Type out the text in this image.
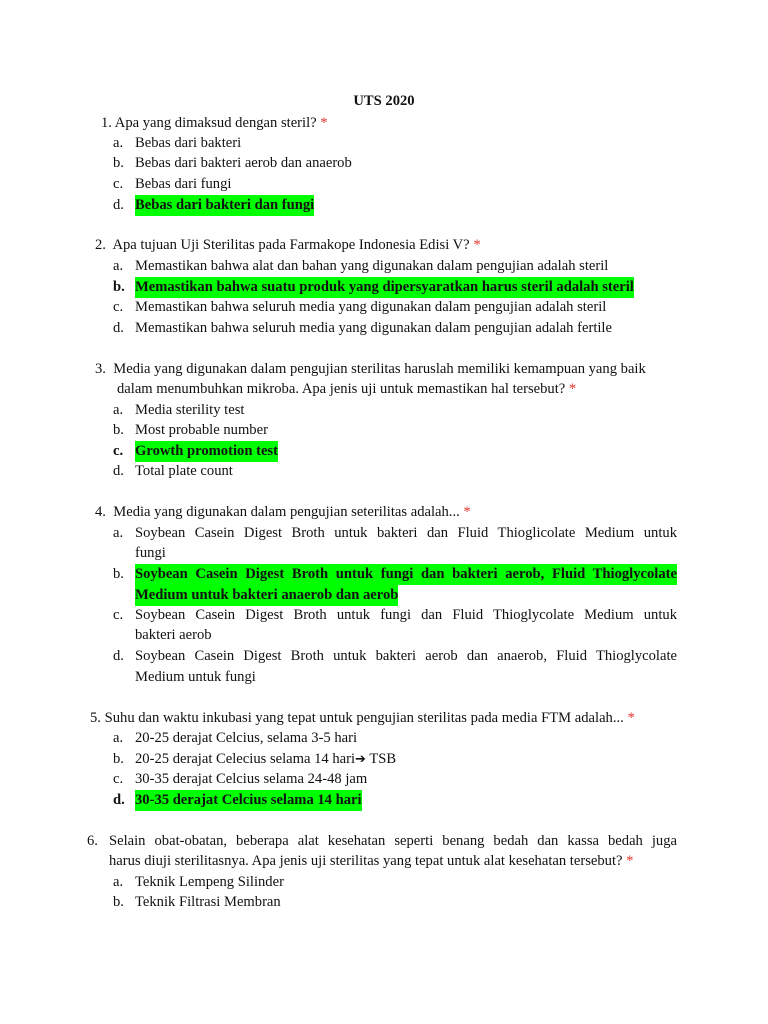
UTS 2020
1. Apa yang dimaksud dengan steril? *
a. Bebas dari bakteri
b. Bebas dari bakteri aerob dan anaerob
c. Bebas dari fungi
d. Bebas dari bakteri dan fungi
2. Apa tujuan Uji Sterilitas pada Farmakope Indonesia Edisi V? *
a. Memastikan bahwa alat dan bahan yang digunakan dalam pengujian adalah steril
b. Memastikan bahwa suatu produk yang dipersyaratkan harus steril adalah steril
c. Memastikan bahwa seluruh media yang digunakan dalam pengujian adalah steril
d. Memastikan bahwa seluruh media yang digunakan dalam pengujian adalah fertile
3. Media yang digunakan dalam pengujian sterilitas haruslah memiliki kemampuan yang baik
dalam menumbuhkan mikroba. Apa jenis uji untuk memastikan hal tersebut? *
a. Media sterility test
b. Most probable number
c. Growth promotion test
d. Total plate count
4. Media yang digunakan dalam pengujian seterilitas adalah... *
a. Soybean Casein Digest Broth untuk bakteri dan Fluid Thioglicolate Medium untuk
fungi
b. Soybean Casein Digest Broth untuk fungi dan bakteri aerob, Fluid Thioglycolate
Medium untuk bakteri anaerob dan aerob
c. Soybean Casein Digest Broth untuk fungi dan Fluid Thioglycolate Medium untuk
bakteri aerob
d. Soybean Casein Digest Broth untuk bakteri aerob dan anaerob, Fluid Thioglycolate
Medium untuk fungi
5. Suhu dan waktu inkubasi yang tepat untuk pengujian sterilitas pada media FTM adalah... *
a. 20-25 derajat Celcius, selama 3-5 hari
b. 20-25 derajat Celecius selama 14 hari➔ TSB
c. 30-35 derajat Celcius selama 24-48 jam
d. 30-35 derajat Celcius selama 14 hari
6. Selain obat-obatan, beberapa alat kesehatan seperti benang bedah dan kassa bedah juga
harus diuji sterilitasnya. Apa jenis uji sterilitas yang tepat untuk alat kesehatan tersebut? *
a. Teknik Lempeng Silinder
b. Teknik Filtrasi Membran
